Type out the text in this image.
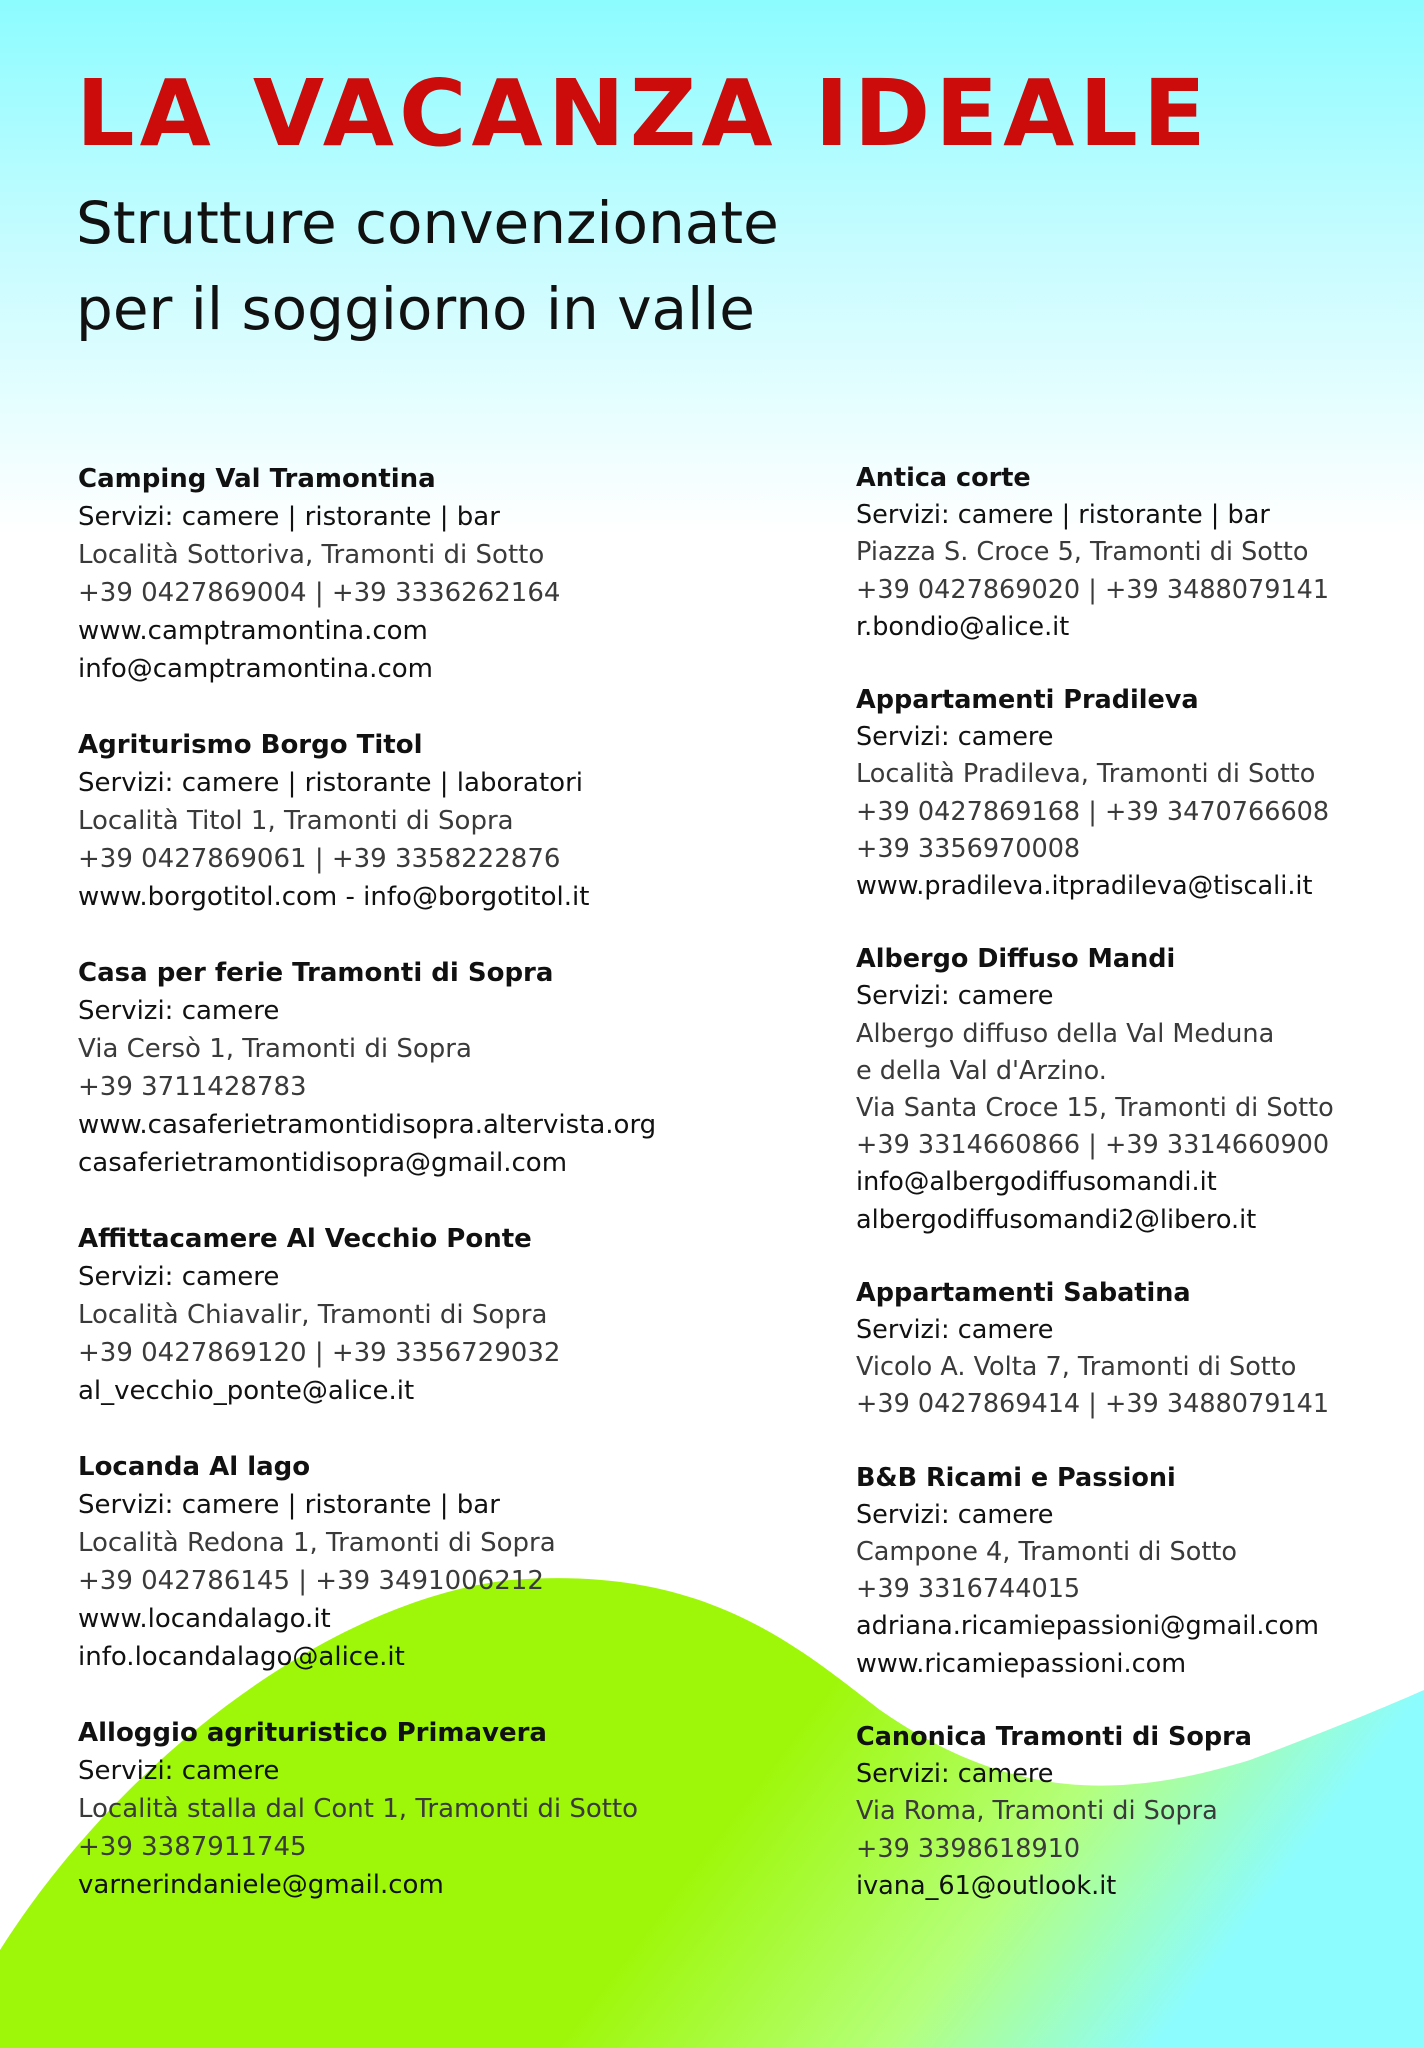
LA VACANZA IDEALE
Strutture convenzionate
per il soggiorno in valle
Camping Val Tramontina
Servizi: camere | ristorante | bar
Località Sottoriva, Tramonti di Sotto
+39 0427869004 | +39 3336262164
www.camptramontina.com
info@camptramontina.com
Agriturismo Borgo Titol
Servizi: camere | ristorante | laboratori
Località Titol 1, Tramonti di Sopra
+39 0427869061 | +39 3358222876
www.borgotitol.com - info@borgotitol.it
Casa per ferie Tramonti di Sopra
Servizi: camere
Via Cersò 1, Tramonti di Sopra
+39 3711428783
www.casaferietramontidisopra.altervista.org
casaferietramontidisopra@gmail.com
Affittacamere Al Vecchio Ponte
Servizi: camere
Località Chiavalir, Tramonti di Sopra
+39 0427869120 | +39 3356729032
al_vecchio_ponte@alice.it
Locanda Al lago
Servizi: camere | ristorante | bar
Località Redona 1, Tramonti di Sopra
+39 042786145 | +39 3491006212
www.locandalago.it
info.locandalago@alice.it
Alloggio agrituristico Primavera
Servizi: camere
Località stalla dal Cont 1, Tramonti di Sotto
+39 3387911745
varnerindaniele@gmail.com
Antica corte
Servizi: camere | ristorante | bar
Piazza S. Croce 5, Tramonti di Sotto
+39 0427869020 | +39 3488079141
r.bondio@alice.it
Appartamenti Pradileva
Servizi: camere
Località Pradileva, Tramonti di Sotto
+39 0427869168 | +39 3470766608
+39 3356970008
www.pradileva.itpradileva@tiscali.it
Albergo Diffuso Mandi
Servizi: camere
Albergo diffuso della Val Meduna
e della Val d'Arzino.
Via Santa Croce 15, Tramonti di Sotto
+39 3314660866 | +39 3314660900
info@albergodiffusomandi.it
albergodiffusomandi2@libero.it
Appartamenti Sabatina
Servizi: camere
Vicolo A. Volta 7, Tramonti di Sotto
+39 0427869414 | +39 3488079141
B&B Ricami e Passioni
Servizi: camere
Campone 4, Tramonti di Sotto
+39 3316744015
adriana.ricamiepassioni@gmail.com
www.ricamiepassioni.com
Canonica Tramonti di Sopra
Servizi: camere
Via Roma, Tramonti di Sopra
+39 3398618910
ivana_61@outlook.it
